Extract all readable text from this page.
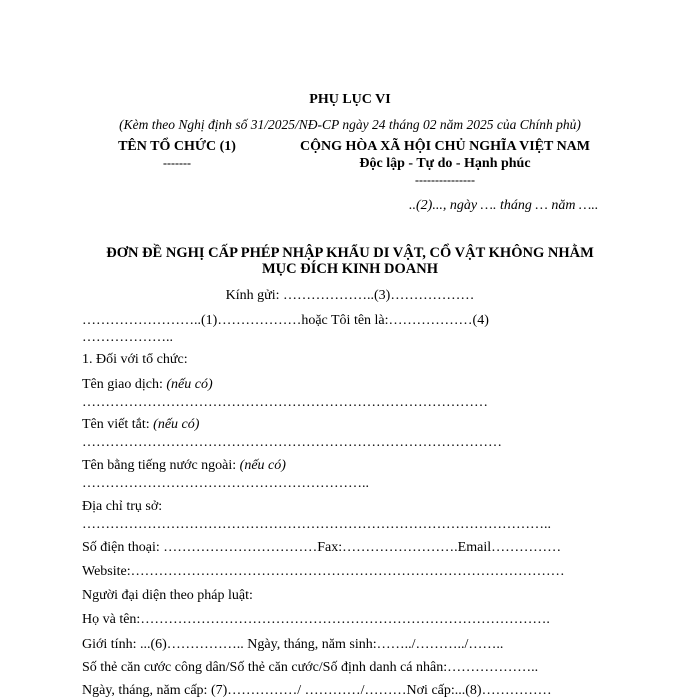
PHỤ LỤC VI
(Kèm theo Nghị định số 31/2025/NĐ-CP ngày 24 tháng 02 năm 2025 của Chính phủ)
TÊN TỔ CHỨC (1)
-------
CỘNG HÒA XÃ HỘI CHỦ NGHĨA VIỆT NAM
Độc lập - Tự do - Hạnh phúc
---------------
..(2)..., ngày …. tháng … năm …..
ĐƠN ĐỀ NGHỊ CẤP PHÉP NHẬP KHẨU DI VẬT, CỔ VẬT KHÔNG NHẰM
MỤC ĐÍCH KINH DOANH
Kính gửi: ………………..(3)………………
……………………..(1)………………hoặc Tôi tên là:………………(4)
………………..
1. Đối với tổ chức:
Tên giao dịch: (nếu có)
……………………………………………………………………………
Tên viết tắt: (nếu có)
………………………………………………………………………………
Tên bằng tiếng nước ngoài: (nếu có)
……………………………………………………..
Địa chỉ trụ sở:
………………………………………………………………………………………..
Số điện thoại: ……………………………Fax:…………………….Email……………
Website:…………………………………………………………………………………
Người đại diện theo pháp luật:
Họ và tên:…………………………………………………………………………….
Giới tính: ...(6)…………….. Ngày, tháng, năm sinh:……../………../……..
Số thẻ căn cước công dân/Số thẻ căn cước/Số định danh cá nhân:………………..
Ngày, tháng, năm cấp: (7)……………/ …………/………Nơi cấp:...(8)……………
